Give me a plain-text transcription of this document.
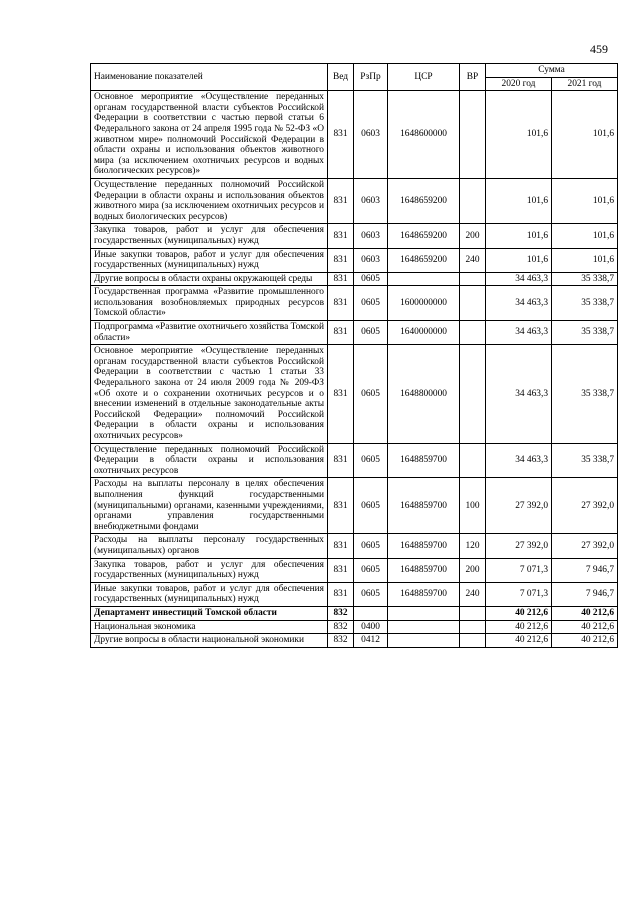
459
Наименование показателей	Вед	РзПр	ЦСР	ВР	Сумма	
					2020 год	2021 год
Основное мероприятие «Осуществление переданных органам государственной власти субъектов Российской Федерации в соответствии с частью первой статьи 6 Федерального закона от 24 апреля 1995 года № 52-ФЗ «О животном мире» полномочий Российской Федерации в области охраны и использования объектов животного мира (за исключением охотничьих ресурсов и водных биологических ресурсов)»	831	0603	1648600000		101,6	101,6
Осуществление переданных полномочий Российской Федерации в области охраны и использования объектов животного мира (за исключением охотничьих ресурсов и водных биологических ресурсов)	831	0603	1648659200		101,6	101,6
Закупка товаров, работ и услуг для обеспечения государственных (муниципальных) нужд	831	0603	1648659200	200	101,6	101,6
Иные закупки товаров, работ и услуг для обеспечения государственных (муниципальных) нужд	831	0603	1648659200	240	101,6	101,6
Другие вопросы в области охраны окружающей среды	831	0605			34 463,3	35 338,7
Государственная программа «Развитие промышленного использования возобновляемых природных ресурсов Томской области»	831	0605	1600000000		34 463,3	35 338,7
Подпрограмма «Развитие охотничьего хозяйства Томской области»	831	0605	1640000000		34 463,3	35 338,7
Основное мероприятие «Осуществление переданных органам государственной власти субъектов Российской Федерации в соответствии с частью 1 статьи 33 Федерального закона от 24 июля 2009 года № 209-ФЗ «Об охоте и о сохранении охотничьих ресурсов и о внесении изменений в отдельные законодательные акты Российской Федерации» полномочий Российской Федерации в области охраны и использования охотничьих ресурсов»	831	0605	1648800000		34 463,3	35 338,7
Осуществление переданных полномочий Российской Федерации в области охраны и использования охотничьих ресурсов	831	0605	1648859700		34 463,3	35 338,7
Расходы на выплаты персоналу в целях обеспечения выполнения функций государственными (муниципальными) органами, казенными учреждениями, органами управления государственными внебюджетными фондами	831	0605	1648859700	100	27 392,0	27 392,0
Расходы на выплаты персоналу государственных (муниципальных) органов	831	0605	1648859700	120	27 392,0	27 392,0
Закупка товаров, работ и услуг для обеспечения государственных (муниципальных) нужд	831	0605	1648859700	200	7 071,3	7 946,7
Иные закупки товаров, работ и услуг для обеспечения государственных (муниципальных) нужд	831	0605	1648859700	240	7 071,3	7 946,7
Департамент инвестиций Томской области	832				40 212,6	40 212,6
Национальная экономика	832	0400			40 212,6	40 212,6
Другие вопросы в области национальной экономики	832	0412			40 212,6	40 212,6
